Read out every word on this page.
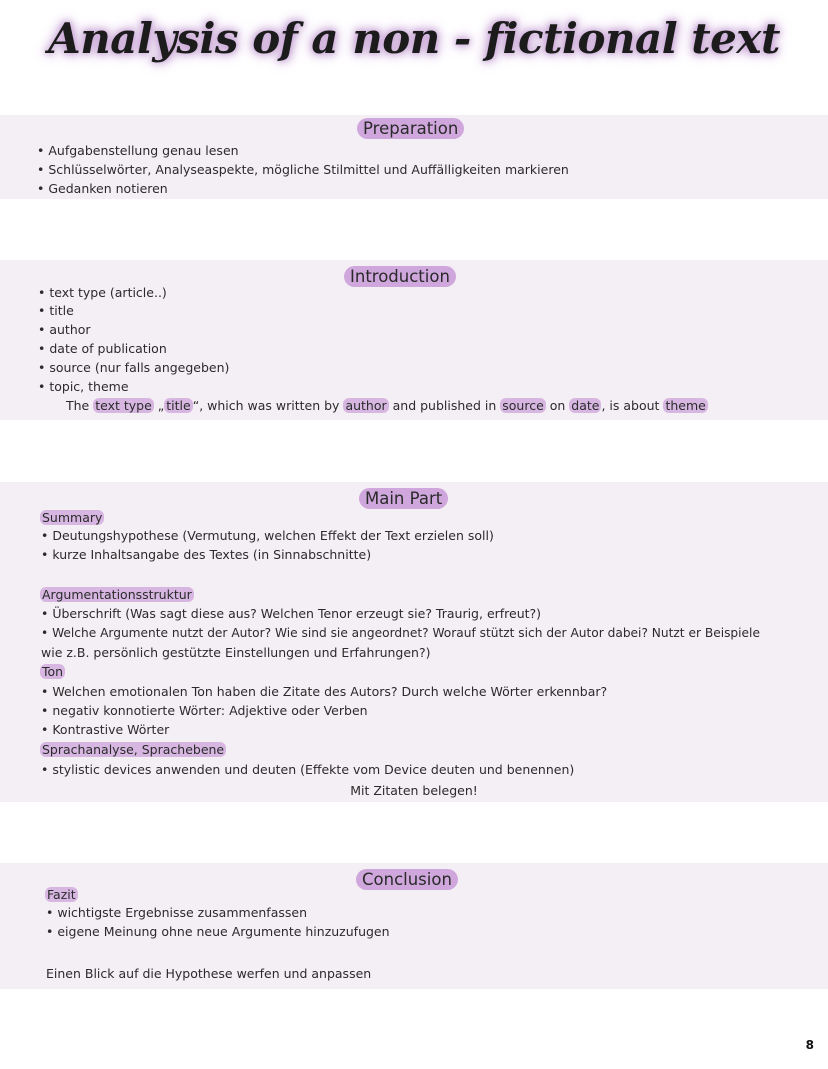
Analysis of a non - fictional text
Preparation
• Aufgabenstellung genau lesen
• Schlüsselwörter, Analyseaspekte, mögliche Stilmittel und Auffälligkeiten markieren
• Gedanken notieren
Introduction
• text type (article..)
• title
• author
• date of publication
• source (nur falls angegeben)
• topic, theme
The text type „ title “, which was written by author and published in source on date , is about theme
Main Part
Summary
• Deutungshypothese (Vermutung, welchen Effekt der Text erzielen soll)
• kurze Inhaltsangabe des Textes (in Sinnabschnitte)
Argumentationsstruktur
• Überschrift (Was sagt diese aus? Welchen Tenor erzeugt sie? Traurig, erfreut?)
• Welche Argumente nutzt der Autor? Wie sind sie angeordnet? Worauf stützt sich der Autor dabei? Nutzt er Beispiele
wie z.B. persönlich gestützte Einstellungen und Erfahrungen?)
Ton
• Welchen emotionalen Ton haben die Zitate des Autors? Durch welche Wörter erkennbar?
• negativ konnotierte Wörter: Adjektive oder Verben
• Kontrastive Wörter
Sprachanalyse, Sprachebene
• stylistic devices anwenden und deuten (Effekte vom Device deuten und benennen)
Mit Zitaten belegen!
Conclusion
Fazit
• wichtigste Ergebnisse zusammenfassen
• eigene Meinung ohne neue Argumente hinzuzufugen
Einen Blick auf die Hypothese werfen und anpassen
8
